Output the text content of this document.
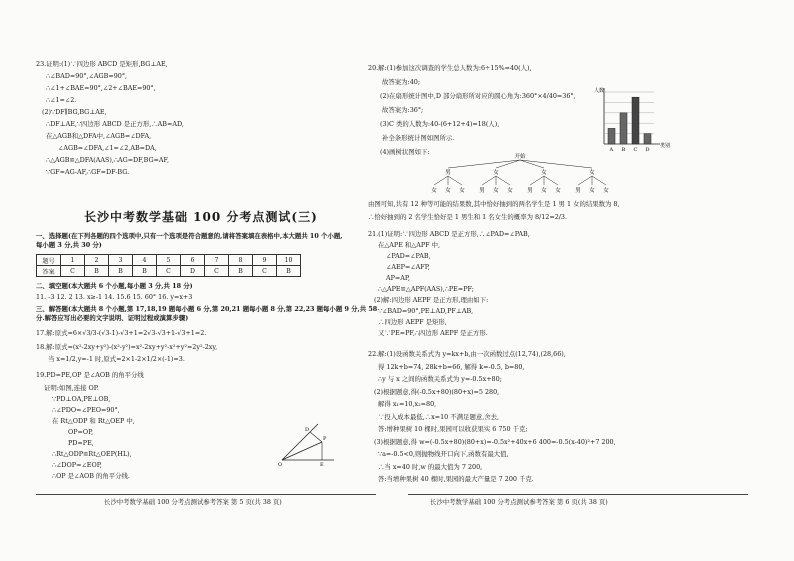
23.证明:(1)∵四边形 ABCD 是矩形,BG⊥AE,
∴∠BAD=90°,∠AGB=90°,
∴∠1+∠BAE=90°,∠2+∠BAE=90°,
∴∠1=∠2.
(2)∵DF∥BG,BG⊥AE,
∴DF⊥AE,∵四边形 ABCD 是正方形,∴AB=AD,
在△AGB和△DFA中,∠AGB=∠DFA,
∠AGB=∠DFA,∠1=∠2,AB=DA,
∴△AGB≌△DFA(AAS),∴AG=DF,BG=AF,
∵GF=AG-AF,∴GF=DF-BG.
长沙中考数学基础 100 分考点测试(三)
一、选择题(在下列各题的四个选项中,只有一个选项是符合题意的,请将答案填在表格中,本大题共 10 个小题,
每小题 3 分,共 30 分)
题号	1	2	3	4	5	6	7	8	9	10
答案	C	B	B	B	C	D	C	B	C	B
二、填空题(本大题共 6 个小题,每小题 3 分,共 18 分)
11. -3 12. 2 13. x≥-1 14. 15.6 15. 60° 16. y=x+3
三、解答题(本大题共 8 个小题,第 17,18,19 题每小题 6 分,第 20,21 题每小题 8 分,第 22,23 题每小题 9 分,共 58
分.解答应写出必要的文字说明、证明过程或演算步骤)
17.解:原式=6×√3/3-(√3-1)-√3+1=2√3-√3+1-√3+1=2.
18.解:原式=(x²-2xy+y²)-(x²-y²)=x²-2xy+y²-x²+y²=2y²-2xy,
当 x=1/2,y=-1 时,原式=2×1-2×1/2×(-1)=3.
19.PD=PE,OP 是∠AOB 的角平分线
证明:如图,连接 OP.
∵PD⊥OA,PE⊥OB,
∴∠PDO=∠PEO=90°,
在 Rt△ODP 和 Rt△OEP 中,
OP=OP,
PD=PE,
∴Rt△ODP≌Rt△OEP(HL),
∴∠DOP=∠EOP,
∴OP 是∠AOB 的角平分线.
O
P
E
D
长沙中考数学基础 100 分考点测试参考答案 第 5 页(共 38 页)
20.解:(1)参加这次调查的学生总人数为:6÷15%=40(人),
故答案为:40;
(2)在扇形统计图中,D 部分扇形所对应的圆心角为:360°×4/40=36°,
故答案为:36°;
(3)C 类的人数为:40-(6+12+4)=18(人),
补全条形统计图如图所示.
(4)画树状图如下:
由图可知,共有 12 种等可能的结果数,其中恰好抽到的两名学生是 1 男 1 女的结果数为 8,
∴恰好抽到的 2 名学生恰好是 1 男生和 1 名女生的概率为 8/12=2/3.
A B C D
人数
类别
开始
男	女	女	女
女 女 女	男 女 女	男 女 女	男 女 女
21.(1)证明:∵四边形 ABCD 是正方形,∴∠PAD=∠PAB,
在△APE 和△APF 中,
∠PAD=∠PAB,
∠AEP=∠AFP,
AP=AP,
∴△APE≌△APF(AAS),∴PE=PF;
(2)解:四边形 AEPF 是正方形,理由如下:
∵∠BAD=90°,PE⊥AD,PF⊥AB,
∴四边形 AEPF 是矩形,
又∵PE=PF,∴四边形 AEPF 是正方形.
22.解:(1)设函数关系式为 y=kx+b,由一次函数过点(12,74),(28,66),
得 12k+b=74, 28k+b=66, 解得 k=-0.5, b=80,
∴y 与 x 之间的函数关系式为 y=-0.5x+80;
(2)根据题意,得(-0.5x+80)(80+x)=5 280,
解得 x₁=10,x₂=80,
∵投入成本最低,∴x=10 不满足题意,舍去,
答:增种果树 10 棵时,果园可以收获果实 6 750 千克;
(3)根据题意,得 w=(-0.5x+80)(80+x)=-0.5x²+40x+6 400=-0.5(x-40)²+7 200,
∵a=-0.5<0,则抛物线开口向下,函数有最大值,
∴当 x=40 时,w 的最大值为 7 200,
答:当增种果树 40 棵时,果园的最大产量是 7 200 千克.
长沙中考数学基础 100 分考点测试参考答案 第 6 页(共 38 页)
